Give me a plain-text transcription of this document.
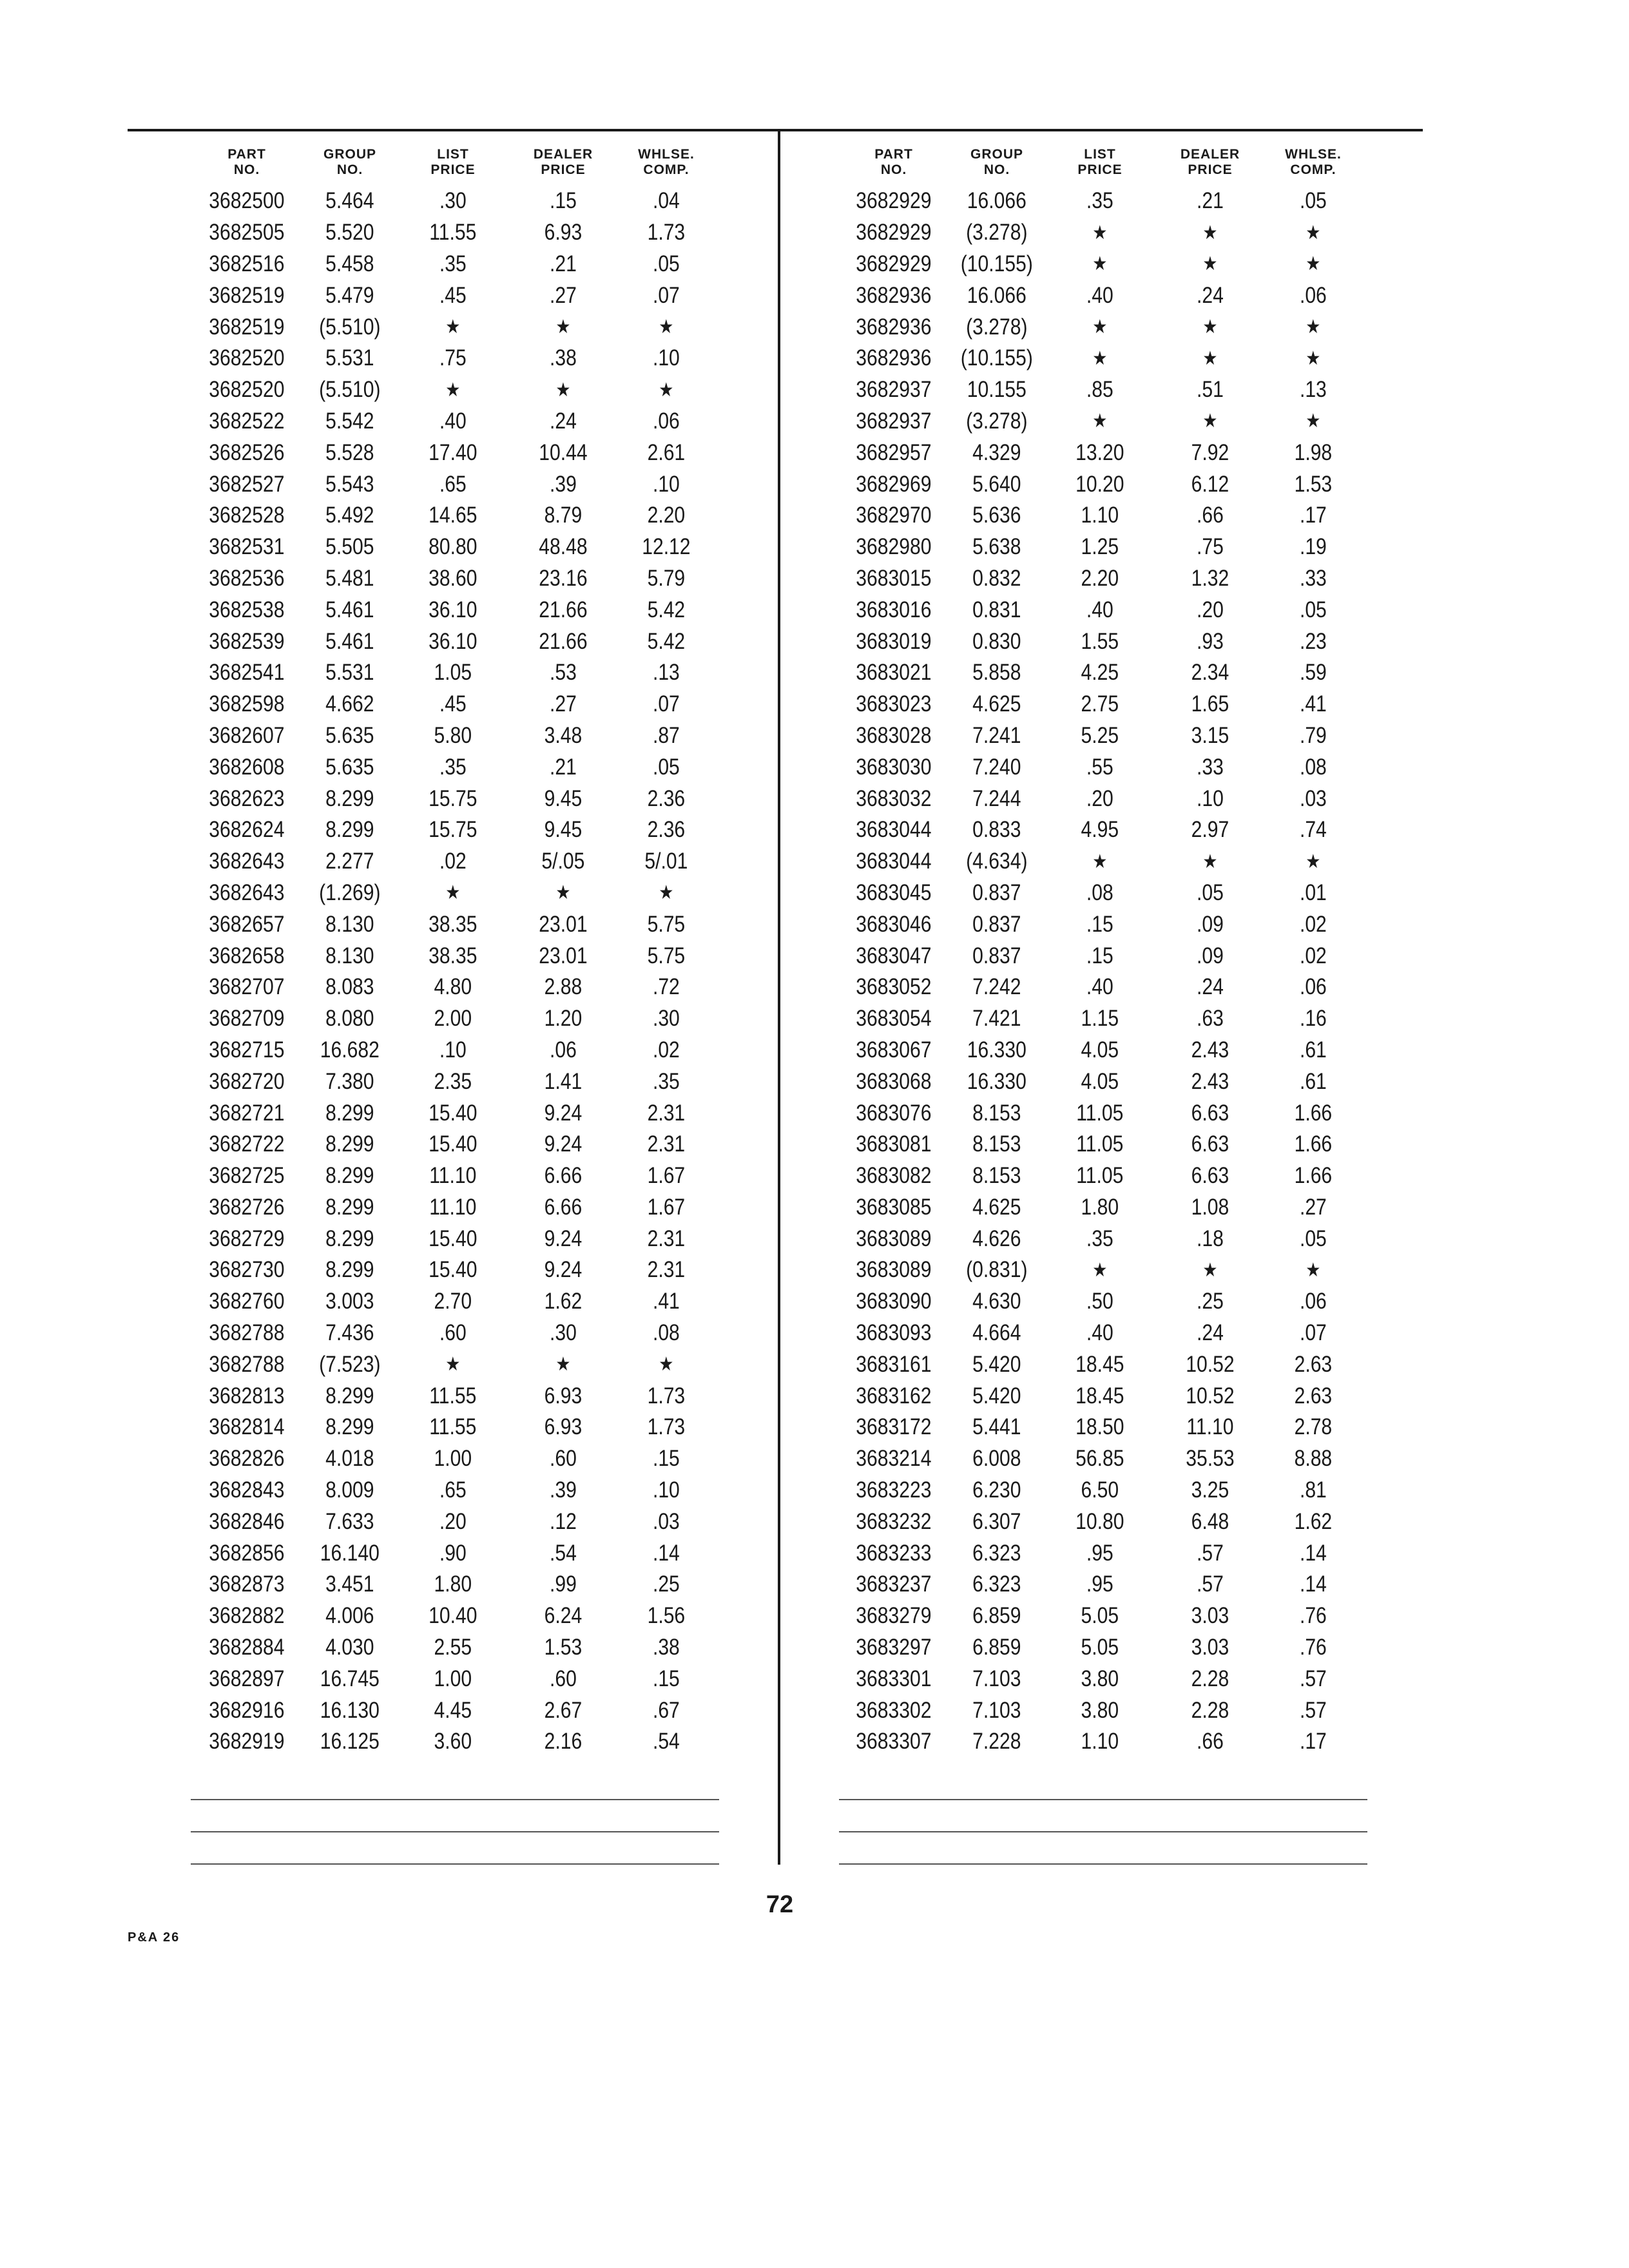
PART
NO.
GROUP
NO.
LIST
PRICE
DEALER
PRICE
WHLSE.
COMP.
3682500	5.464	.30	.15	.04
3682505	5.520	11.55	6.93	1.73
3682516	5.458	.35	.21	.05
3682519	5.479	.45	.27	.07
3682519	(5.510)	★	★	★
3682520	5.531	.75	.38	.10
3682520	(5.510)	★	★	★
3682522	5.542	.40	.24	.06
3682526	5.528	17.40	10.44	2.61
3682527	5.543	.65	.39	.10
3682528	5.492	14.65	8.79	2.20
3682531	5.505	80.80	48.48	12.12
3682536	5.481	38.60	23.16	5.79
3682538	5.461	36.10	21.66	5.42
3682539	5.461	36.10	21.66	5.42
3682541	5.531	1.05	.53	.13
3682598	4.662	.45	.27	.07
3682607	5.635	5.80	3.48	.87
3682608	5.635	.35	.21	.05
3682623	8.299	15.75	9.45	2.36
3682624	8.299	15.75	9.45	2.36
3682643	2.277	.02	5/.05	5/.01
3682643	(1.269)	★	★	★
3682657	8.130	38.35	23.01	5.75
3682658	8.130	38.35	23.01	5.75
3682707	8.083	4.80	2.88	.72
3682709	8.080	2.00	1.20	.30
3682715	16.682	.10	.06	.02
3682720	7.380	2.35	1.41	.35
3682721	8.299	15.40	9.24	2.31
3682722	8.299	15.40	9.24	2.31
3682725	8.299	11.10	6.66	1.67
3682726	8.299	11.10	6.66	1.67
3682729	8.299	15.40	9.24	2.31
3682730	8.299	15.40	9.24	2.31
3682760	3.003	2.70	1.62	.41
3682788	7.436	.60	.30	.08
3682788	(7.523)	★	★	★
3682813	8.299	11.55	6.93	1.73
3682814	8.299	11.55	6.93	1.73
3682826	4.018	1.00	.60	.15
3682843	8.009	.65	.39	.10
3682846	7.633	.20	.12	.03
3682856	16.140	.90	.54	.14
3682873	3.451	1.80	.99	.25
3682882	4.006	10.40	6.24	1.56
3682884	4.030	2.55	1.53	.38
3682897	16.745	1.00	.60	.15
3682916	16.130	4.45	2.67	.67
3682919	16.125	3.60	2.16	.54
PART
NO.
GROUP
NO.
LIST
PRICE
DEALER
PRICE
WHLSE.
COMP.
3682929	16.066	.35	.21	.05
3682929	(3.278)	★	★	★
3682929	(10.155)	★	★	★
3682936	16.066	.40	.24	.06
3682936	(3.278)	★	★	★
3682936	(10.155)	★	★	★
3682937	10.155	.85	.51	.13
3682937	(3.278)	★	★	★
3682957	4.329	13.20	7.92	1.98
3682969	5.640	10.20	6.12	1.53
3682970	5.636	1.10	.66	.17
3682980	5.638	1.25	.75	.19
3683015	0.832	2.20	1.32	.33
3683016	0.831	.40	.20	.05
3683019	0.830	1.55	.93	.23
3683021	5.858	4.25	2.34	.59
3683023	4.625	2.75	1.65	.41
3683028	7.241	5.25	3.15	.79
3683030	7.240	.55	.33	.08
3683032	7.244	.20	.10	.03
3683044	0.833	4.95	2.97	.74
3683044	(4.634)	★	★	★
3683045	0.837	.08	.05	.01
3683046	0.837	.15	.09	.02
3683047	0.837	.15	.09	.02
3683052	7.242	.40	.24	.06
3683054	7.421	1.15	.63	.16
3683067	16.330	4.05	2.43	.61
3683068	16.330	4.05	2.43	.61
3683076	8.153	11.05	6.63	1.66
3683081	8.153	11.05	6.63	1.66
3683082	8.153	11.05	6.63	1.66
3683085	4.625	1.80	1.08	.27
3683089	4.626	.35	.18	.05
3683089	(0.831)	★	★	★
3683090	4.630	.50	.25	.06
3683093	4.664	.40	.24	.07
3683161	5.420	18.45	10.52	2.63
3683162	5.420	18.45	10.52	2.63
3683172	5.441	18.50	11.10	2.78
3683214	6.008	56.85	35.53	8.88
3683223	6.230	6.50	3.25	.81
3683232	6.307	10.80	6.48	1.62
3683233	6.323	.95	.57	.14
3683237	6.323	.95	.57	.14
3683279	6.859	5.05	3.03	.76
3683297	6.859	5.05	3.03	.76
3683301	7.103	3.80	2.28	.57
3683302	7.103	3.80	2.28	.57
3683307	7.228	1.10	.66	.17
72
P&A 26
